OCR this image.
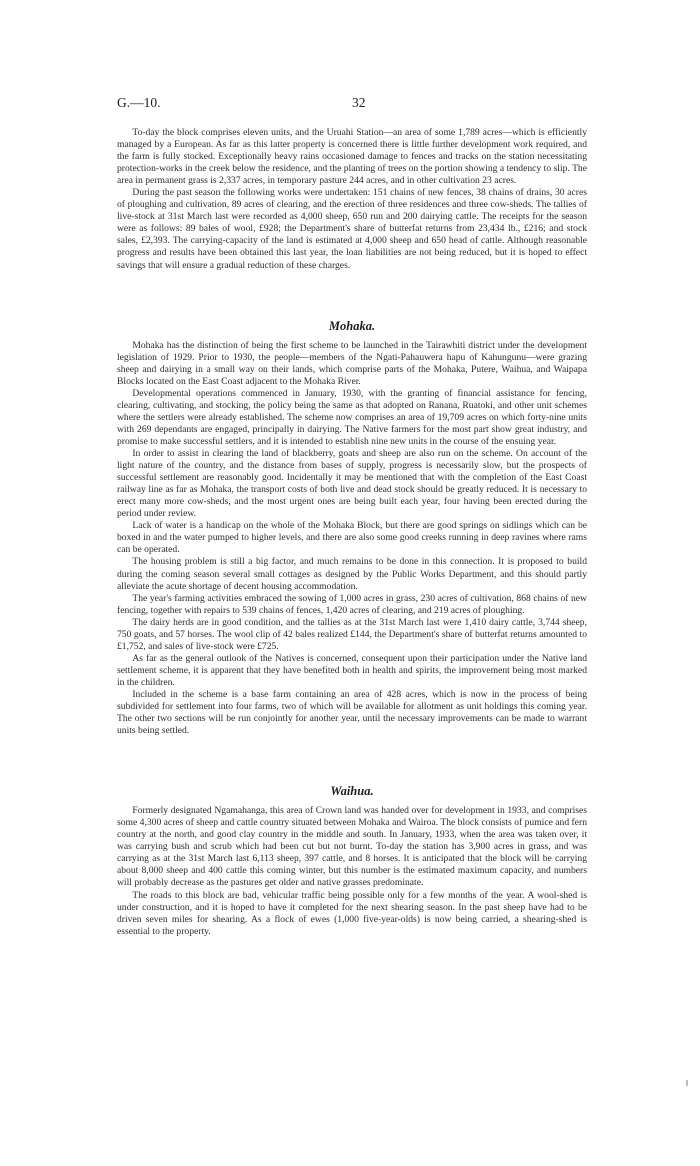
G.—10.	32

To-day the block comprises eleven units, and the Uruahi Station—an area of some 1,789 acres—which is efficiently managed by a European. As far as this latter property is concerned there is little further development work required, and the farm is fully stocked. Exceptionally heavy rains occasioned damage to fences and tracks on the station necessitating protection-works in the creek below the residence, and the planting of trees on the portion showing a tendency to slip. The area in permanent grass is 2,337 acres, in temporary pasture 244 acres, and in other cultivation 23 acres.

During the past season the following works were undertaken: 151 chains of new fences, 38 chains of drains, 30 acres of ploughing and cultivation, 89 acres of clearing, and the erection of three residences and three cow-sheds. The tallies of live-stock at 31st March last were recorded as 4,000 sheep, 650 run and 200 dairying cattle. The receipts for the season were as follows: 89 bales of wool, £928; the Department's share of butterfat returns from 23,434 lb., £216; and stock sales, £2,393. The carrying-capacity of the land is estimated at 4,000 sheep and 650 head of cattle. Although reasonable progress and results have been obtained this last year, the loan liabilities are not being reduced, but it is hoped to effect savings that will ensure a gradual reduction of these charges.

Mohaka.

Mohaka has the distinction of being the first scheme to be launched in the Tairawhiti district under the development legislation of 1929. Prior to 1930, the people—members of the Ngati-Pahauwera hapu of Kahungunu—were grazing sheep and dairying in a small way on their lands, which comprise parts of the Mohaka, Putere, Waihua, and Waipapa Blocks located on the East Coast adjacent to the Mohaka River.

Developmental operations commenced in January, 1930, with the granting of financial assistance for fencing, clearing, cultivating, and stocking, the policy being the same as that adopted on Ranana, Ruatoki, and other unit schemes where the settlers were already established. The scheme now comprises an area of 19,709 acres on which forty-nine units with 269 dependants are engaged, principally in dairying. The Native farmers for the most part show great industry, and promise to make successful settlers, and it is intended to establish nine new units in the course of the ensuing year.

In order to assist in clearing the land of blackberry, goats and sheep are also run on the scheme. On account of the light nature of the country, and the distance from bases of supply, progress is necessarily slow, but the prospects of successful settlement are reasonably good. Incidentally it may be mentioned that with the completion of the East Coast railway line as far as Mohaka, the transport costs of both live and dead stock should be greatly reduced. It is necessary to erect many more cow-sheds, and the most urgent ones are being built each year, four having been erected during the period under review.

Lack of water is a handicap on the whole of the Mohaka Block, but there are good springs on sidlings which can be boxed in and the water pumped to higher levels, and there are also some good creeks running in deep ravines where rams can be operated.

The housing problem is still a big factor, and much remains to be done in this connection. It is proposed to build during the coming season several small cottages as designed by the Public Works Department, and this should partly alleviate the acute shortage of decent housing accommodation.

The year's farming activities embraced the sowing of 1,000 acres in grass, 230 acres of cultivation, 868 chains of new fencing, together with repairs to 539 chains of fences, 1,420 acres of clearing, and 219 acres of ploughing.

The dairy herds are in good condition, and the tallies as at the 31st March last were 1,410 dairy cattle, 3,744 sheep, 750 goats, and 57 horses. The wool clip of 42 bales realized £144, the Department's share of butterfat returns amounted to £1,752, and sales of live-stock were £725.

As far as the general outlook of the Natives is concerned, consequent upon their participation under the Native land settlement scheme, it is apparent that they have benefited both in health and spirits, the improvement being most marked in the children.

Included in the scheme is a base farm containing an area of 428 acres, which is now in the process of being subdivided for settlement into four farms, two of which will be available for allotment as unit holdings this coming year. The other two sections will be run conjointly for another year, until the necessary improvements can be made to warrant units being settled.

Waihua.

Formerly designated Ngamahanga, this area of Crown land was handed over for development in 1933, and comprises some 4,300 acres of sheep and cattle country situated between Mohaka and Wairoa. The block consists of pumice and fern country at the north, and good clay country in the middle and south. In January, 1933, when the area was taken over, it was carrying bush and scrub which had been cut but not burnt. To-day the station has 3,900 acres in grass, and was carrying as at the 31st March last 6,113 sheep, 397 cattle, and 8 horses. It is anticipated that the block will be carrying about 8,000 sheep and 400 cattle this coming winter, but this number is the estimated maximum capacity, and numbers will probably decrease as the pastures get older and native grasses predominate.

The roads to this block are bad, vehicular traffic being possible only for a few months of the year. A wool-shed is under construction, and it is hoped to have it completed for the next shearing season. In the past sheep have had to be driven seven miles for shearing. As a flock of ewes (1,000 five-year-olds) is now being carried, a shearing-shed is essential to the property.
